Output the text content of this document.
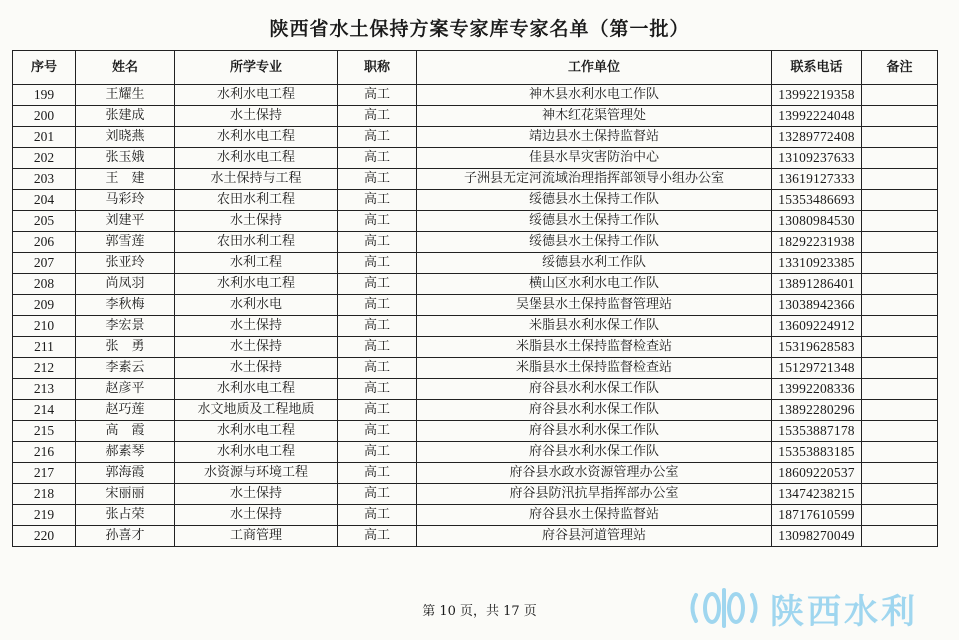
陕西省水土保持方案专家库专家名单（第一批）
序号	姓名	所学专业	职称	工作单位	联系电话	备注
199	王耀生	水利水电工程	高工	神木县水利水电工作队	13992219358	
200	张建成	水土保持	高工	神木红花渠管理处	13992224048	
201	刘晓燕	水利水电工程	高工	靖边县水土保持监督站	13289772408	
202	张玉娥	水利水电工程	高工	佳县水旱灾害防治中心	13109237633	
203	王　建	水土保持与工程	高工	子洲县无定河流域治理指挥部领导小组办公室	13619127333	
204	马彩玲	农田水利工程	高工	绥德县水土保持工作队	15353486693	
205	刘建平	水土保持	高工	绥德县水土保持工作队	13080984530	
206	郭雪莲	农田水利工程	高工	绥德县水土保持工作队	18292231938	
207	张亚玲	水利工程	高工	绥德县水利工作队	13310923385	
208	尚凤羽	水利水电工程	高工	横山区水利水电工作队	13891286401	
209	李秋梅	水利水电	高工	吴堡县水土保持监督管理站	13038942366	
210	李宏景	水土保持	高工	米脂县水利水保工作队	13609224912	
211	张　勇	水土保持	高工	米脂县水土保持监督检查站	15319628583	
212	李素云	水土保持	高工	米脂县水土保持监督检查站	15129721348	
213	赵彦平	水利水电工程	高工	府谷县水利水保工作队	13992208336	
214	赵巧莲	水文地质及工程地质	高工	府谷县水利水保工作队	13892280296	
215	高　霞	水利水电工程	高工	府谷县水利水保工作队	15353887178	
216	郝素琴	水利水电工程	高工	府谷县水利水保工作队	15353883185	
217	郭海霞	水资源与环境工程	高工	府谷县水政水资源管理办公室	18609220537	
218	宋丽丽	水土保持	高工	府谷县防汛抗旱指挥部办公室	13474238215	
219	张占荣	水土保持	高工	府谷县水土保持监督站	18717610599	
220	孙喜才	工商管理	高工	府谷县河道管理站	13098270049	
第 10 页，共 17 页	陕西水利
